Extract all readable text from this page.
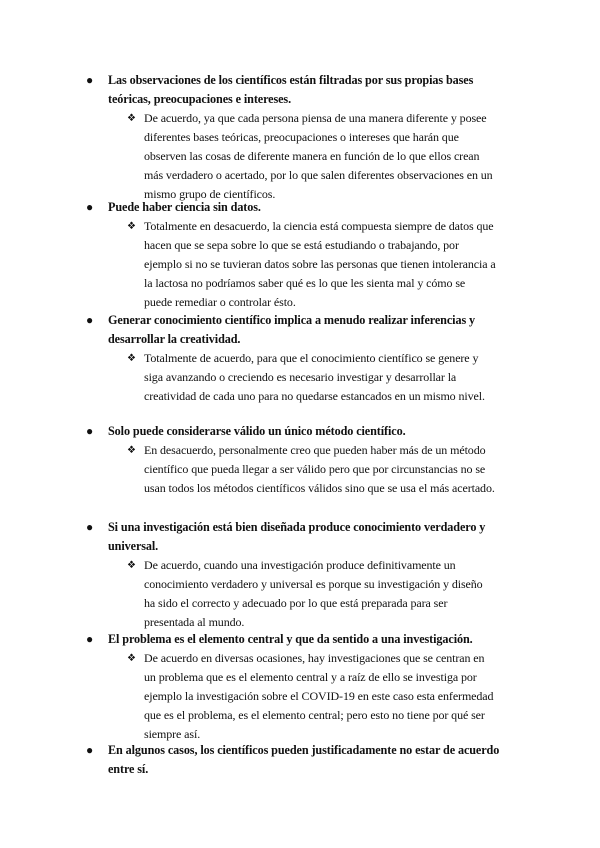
●	Las observaciones de los científicos están filtradas por sus propias bases teóricas, preocupaciones e intereses.
❖ De acuerdo, ya que cada persona piensa de una manera diferente y posee diferentes bases teóricas, preocupaciones o intereses que harán que observen las cosas de diferente manera en función de lo que ellos crean más verdadero o acertado, por lo que salen diferentes observaciones en un mismo grupo de científicos.
●	Puede haber ciencia sin datos.
❖ Totalmente en desacuerdo, la ciencia está compuesta siempre de datos que hacen que se sepa sobre lo que se está estudiando o trabajando, por ejemplo si no se tuvieran datos sobre las personas que tienen intolerancia a la lactosa no podríamos saber qué es lo que les sienta mal y cómo se puede remediar o controlar ésto.
●	Generar conocimiento científico implica a menudo realizar inferencias y desarrollar la creatividad.
❖ Totalmente de acuerdo, para que el conocimiento científico se genere y siga avanzando o creciendo es necesario investigar y desarrollar la creatividad de cada uno para no quedarse estancados en un mismo nivel.
●	Solo puede considerarse válido un único método científico.
❖ En desacuerdo, personalmente creo que pueden haber más de un método científico que pueda llegar a ser válido pero que por circunstancias no se usan todos los métodos científicos válidos sino que se usa el más acertado.
●	Si una investigación está bien diseñada produce conocimiento verdadero y universal.
❖ De acuerdo, cuando una investigación produce definitivamente un conocimiento verdadero y universal es porque su investigación y diseño ha sido el correcto y adecuado por lo que está preparada para ser presentada al mundo.
●	El problema es el elemento central y que da sentido a una investigación.
❖ De acuerdo en diversas ocasiones, hay investigaciones que se centran en un problema que es el elemento central y a raíz de ello se investiga por ejemplo la investigación sobre el COVID-19 en este caso esta enfermedad que es el problema, es el elemento central; pero esto no tiene por qué ser siempre así.
●	En algunos casos, los científicos pueden justificadamente no estar de acuerdo entre sí.
